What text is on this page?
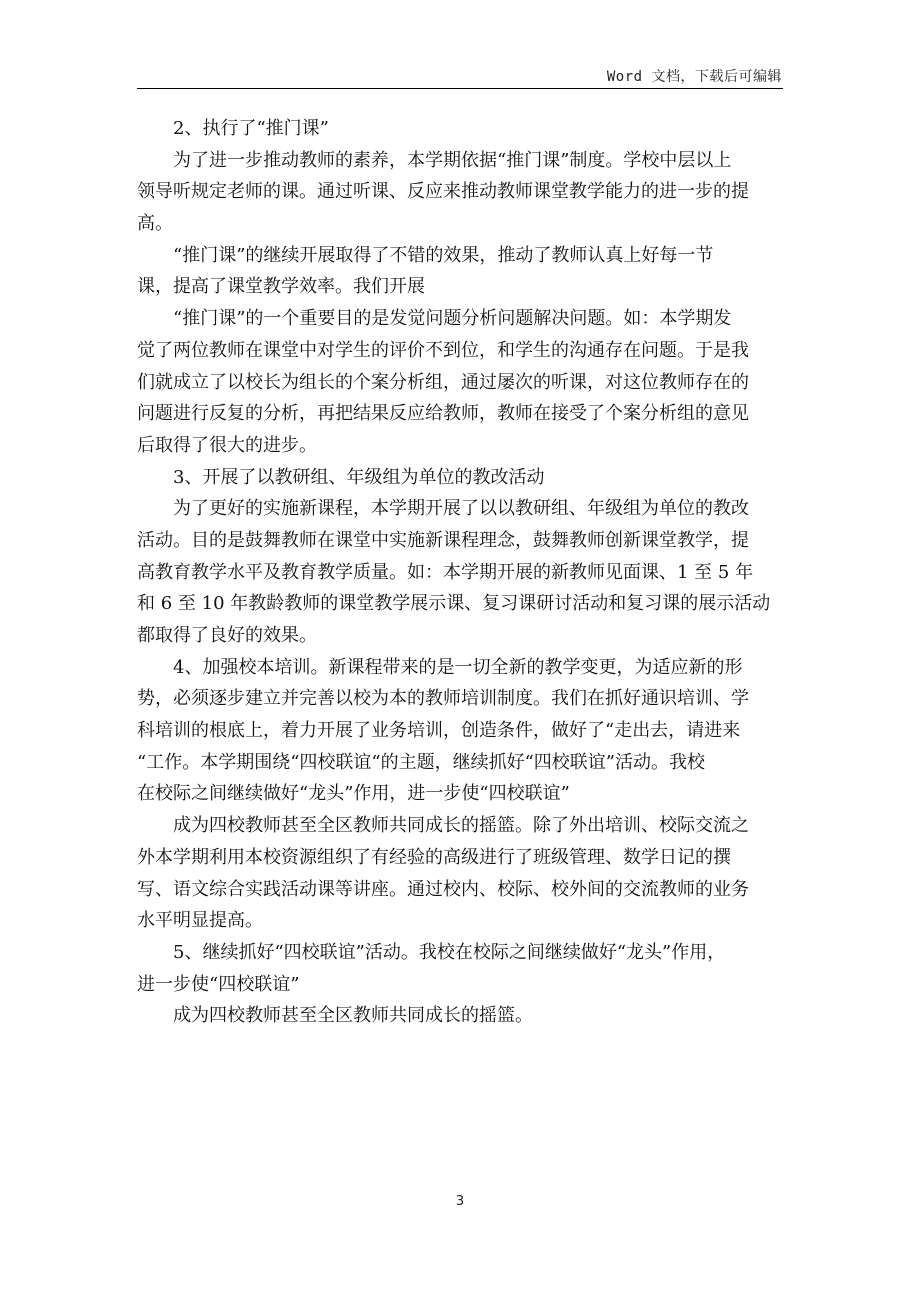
Word 文档，下载后可编辑
2、执行了“推门课”
为了进一步推动教师的素养，本学期依据“推门课”制度。学校中层以上
领导听规定老师的课。通过听课、反应来推动教师课堂教学能力的进一步的提
高。
“推门课”的继续开展取得了不错的效果，推动了教师认真上好每一节
课，提高了课堂教学效率。我们开展
“推门课”的一个重要目的是发觉问题分析问题解决问题。如：本学期发
觉了两位教师在课堂中对学生的评价不到位，和学生的沟通存在问题。于是我
们就成立了以校长为组长的个案分析组，通过屡次的听课，对这位教师存在的
问题进行反复的分析，再把结果反应给教师，教师在接受了个案分析组的意见
后取得了很大的进步。
3、开展了以教研组、年级组为单位的教改活动
为了更好的实施新课程，本学期开展了以以教研组、年级组为单位的教改
活动。目的是鼓舞教师在课堂中实施新课程理念，鼓舞教师创新课堂教学，提
高教育教学水平及教育教学质量。如：本学期开展的新教师见面课、1 至 5 年
和 6 至 10 年教龄教师的课堂教学展示课、复习课研讨活动和复习课的展示活动
都取得了良好的效果。
4、加强校本培训。新课程带来的是一切全新的教学变更，为适应新的形
势，必须逐步建立并完善以校为本的教师培训制度。我们在抓好通识培训、学
科培训的根底上，着力开展了业务培训，创造条件，做好了“走出去，请进来
“工作。本学期围绕“四校联谊“的主题，继续抓好“四校联谊”活动。我校
在校际之间继续做好“龙头”作用，进一步使“四校联谊”
成为四校教师甚至全区教师共同成长的摇篮。除了外出培训、校际交流之
外本学期利用本校资源组织了有经验的高级进行了班级管理、数学日记的撰
写、语文综合实践活动课等讲座。通过校内、校际、校外间的交流教师的业务
水平明显提高。
5、继续抓好“四校联谊”活动。我校在校际之间继续做好“龙头”作用，
进一步使“四校联谊”
成为四校教师甚至全区教师共同成长的摇篮。
3
